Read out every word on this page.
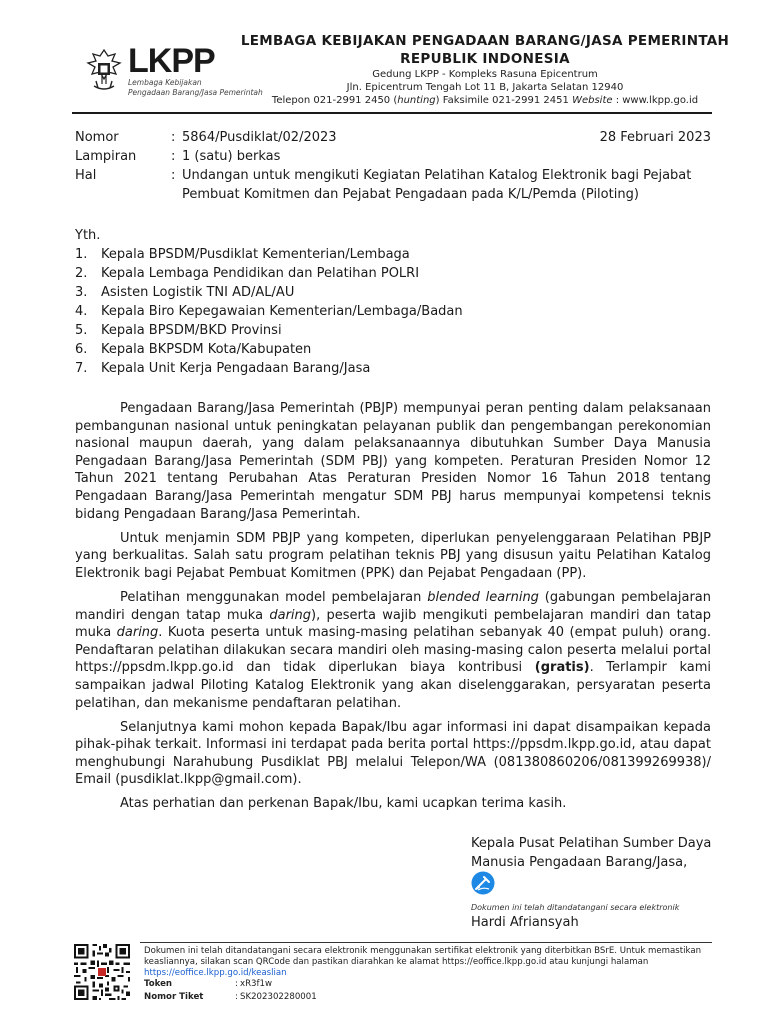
LKPP
Lembaga Kebijakan
Pengadaan Barang/Jasa Pemerintah
LEMBAGA KEBIJAKAN PENGADAAN BARANG/JASA PEMERINTAH
REPUBLIK INDONESIA
Gedung LKPP - Kompleks Rasuna Epicentrum
Jln. Epicentrum Tengah Lot 11 B, Jakarta Selatan 12940
Telepon 021-2991 2450 (hunting) Faksimile 021-2991 2451 Website : www.lkpp.go.id
Nomor	: 5864/Pusdiklat/02/2023	28 Februari 2023
Lampiran	: 1 (satu) berkas
Hal	: Undangan untuk mengikuti Kegiatan Pelatihan Katalog Elektronik bagi Pejabat Pembuat Komitmen dan Pejabat Pengadaan pada K/L/Pemda (Piloting)
Yth.
1. Kepala BPSDM/Pusdiklat Kementerian/Lembaga
2. Kepala Lembaga Pendidikan dan Pelatihan POLRI
3. Asisten Logistik TNI AD/AL/AU
4. Kepala Biro Kepegawaian Kementerian/Lembaga/Badan
5. Kepala BPSDM/BKD Provinsi
6. Kepala BKPSDM Kota/Kabupaten
7. Kepala Unit Kerja Pengadaan Barang/Jasa

Pengadaan Barang/Jasa Pemerintah (PBJP) mempunyai peran penting dalam pelaksanaan pembangunan nasional untuk peningkatan pelayanan publik dan pengembangan perekonomian nasional maupun daerah, yang dalam pelaksanaannya dibutuhkan Sumber Daya Manusia Pengadaan Barang/Jasa Pemerintah (SDM PBJ) yang kompeten. Peraturan Presiden Nomor 12 Tahun 2021 tentang Perubahan Atas Peraturan Presiden Nomor 16 Tahun 2018 tentang Pengadaan Barang/Jasa Pemerintah mengatur SDM PBJ harus mempunyai kompetensi teknis bidang Pengadaan Barang/Jasa Pemerintah.

Untuk menjamin SDM PBJP yang kompeten, diperlukan penyelenggaraan Pelatihan PBJP yang berkualitas. Salah satu program pelatihan teknis PBJ yang disusun yaitu Pelatihan Katalog Elektronik bagi Pejabat Pembuat Komitmen (PPK) dan Pejabat Pengadaan (PP).

Pelatihan menggunakan model pembelajaran blended learning (gabungan pembelajaran mandiri dengan tatap muka daring), peserta wajib mengikuti pembelajaran mandiri dan tatap muka daring. Kuota peserta untuk masing-masing pelatihan sebanyak 40 (empat puluh) orang. Pendaftaran pelatihan dilakukan secara mandiri oleh masing-masing calon peserta melalui portal https://ppsdm.lkpp.go.id dan tidak diperlukan biaya kontribusi (gratis). Terlampir kami sampaikan jadwal Piloting Katalog Elektronik yang akan diselenggarakan, persyaratan peserta pelatihan, dan mekanisme pendaftaran pelatihan.

Selanjutnya kami mohon kepada Bapak/Ibu agar informasi ini dapat disampaikan kepada pihak-pihak terkait. Informasi ini terdapat pada berita portal https://ppsdm.lkpp.go.id, atau dapat menghubungi Narahubung Pusdiklat PBJ melalui Telepon/WA (081380860206/081399269938)/ Email (pusdiklat.lkpp@gmail.com).

Atas perhatian dan perkenan Bapak/Ibu, kami ucapkan terima kasih.

Kepala Pusat Pelatihan Sumber Daya
Manusia Pengadaan Barang/Jasa,
Dokumen ini telah ditandatangani secara elektronik
Hardi Afriansyah
Dokumen ini telah ditandatangani secara elektronik menggunakan sertifikat elektronik yang diterbitkan BSrE. Untuk memastikan keasliannya, silakan scan QRCode dan pastikan diarahkan ke alamat https://eoffice.lkpp.go.id atau kunjungi halaman
https://eoffice.lkpp.go.id/keaslian
Token	: xR3f1w
Nomor Tiket	: SK202302280001
